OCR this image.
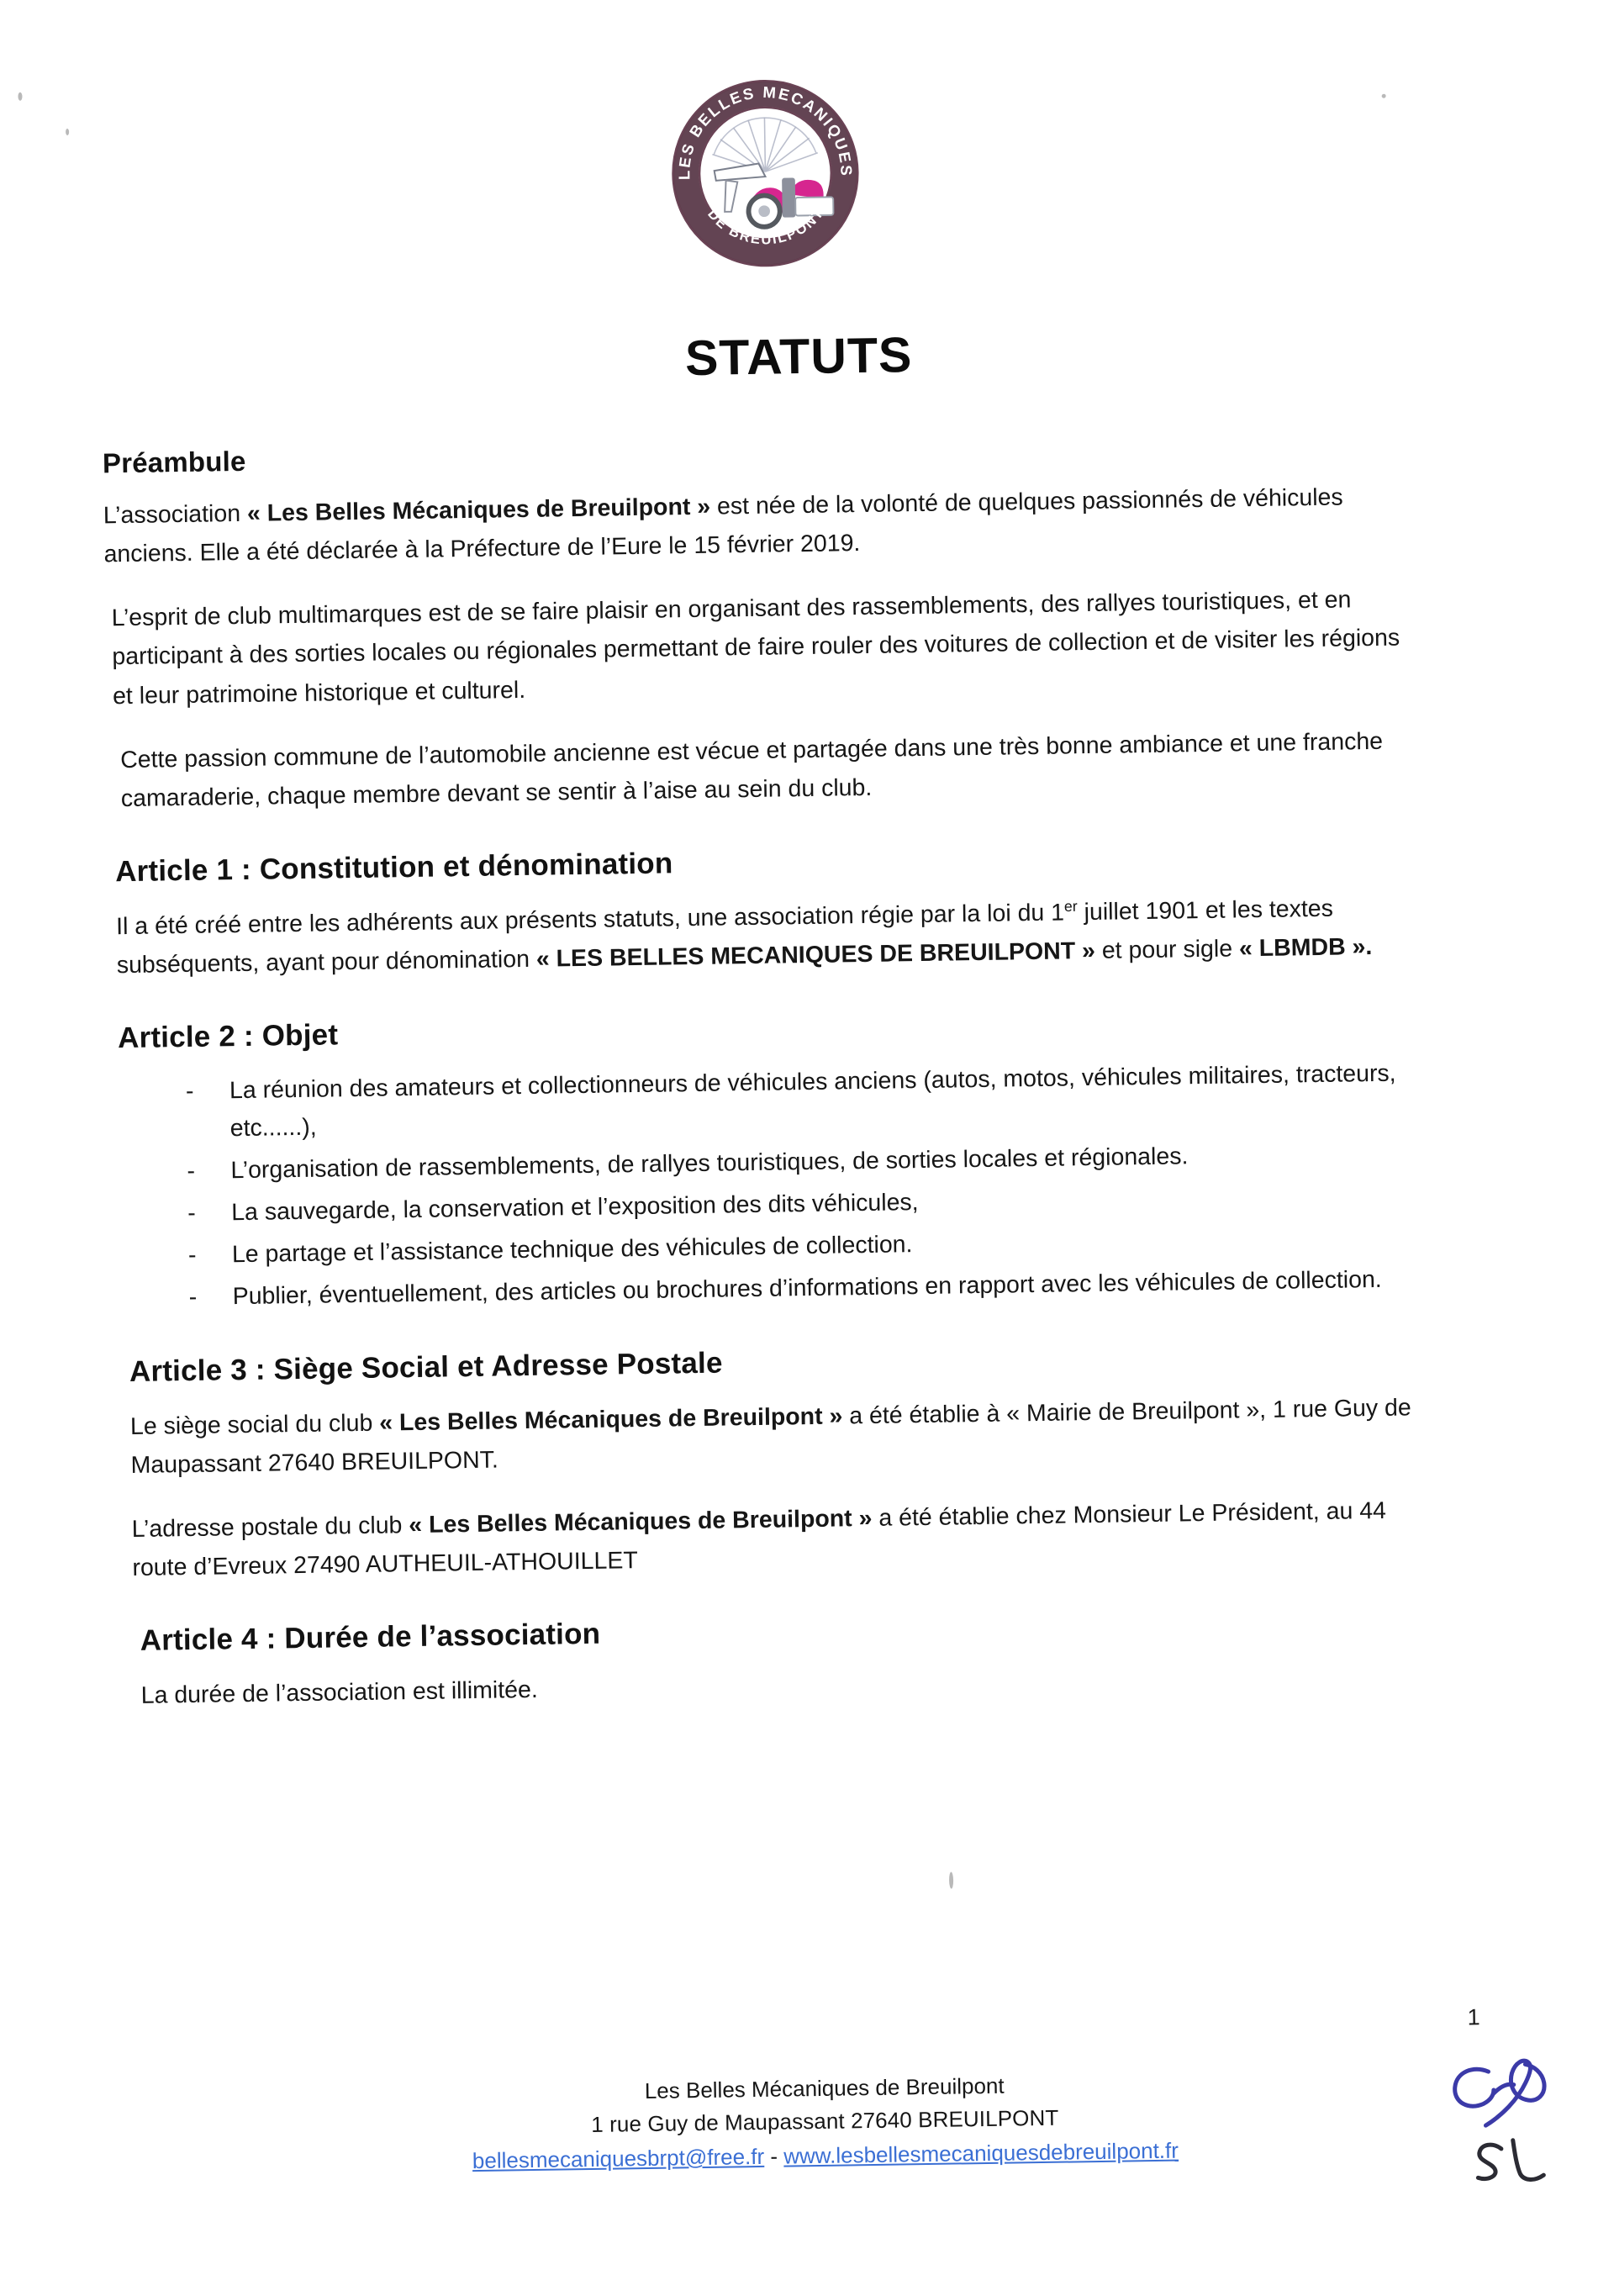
LES BELLES MECANIQUES
DE BREUILPONT
STATUTS
Préambule

L’association « Les Belles Mécaniques de Breuilpont » est née de la volonté de quelques passionnés de véhicules anciens. Elle a été déclarée à la Préfecture de l’Eure le 15 février 2019.

L’esprit de club multimarques est de se faire plaisir en organisant des rassemblements, des rallyes touristiques, et en participant à des sorties locales ou régionales permettant de faire rouler des voitures de collection et de visiter les régions et leur patrimoine historique et culturel.

Cette passion commune de l’automobile ancienne est vécue et partagée dans une très bonne ambiance et une franche camaraderie, chaque membre devant se sentir à l’aise au sein du club.

Article 1 : Constitution et dénomination

Il a été créé entre les adhérents aux présents statuts, une association régie par la loi du 1er juillet 1901 et les textes subséquents, ayant pour dénomination « LES BELLES MECANIQUES DE BREUILPONT » et pour sigle « LBMDB ».

Article 2 : Objet
- La réunion des amateurs et collectionneurs de véhicules anciens (autos, motos, véhicules militaires, tracteurs, etc......),
- L’organisation de rassemblements, de rallyes touristiques, de sorties locales et régionales.
- La sauvegarde, la conservation et l’exposition des dits véhicules,
- Le partage et l’assistance technique des véhicules de collection.
- Publier, éventuellement, des articles ou brochures d’informations en rapport avec les véhicules de collection.
Article 3 : Siège Social et Adresse Postale

Le siège social du club « Les Belles Mécaniques de Breuilpont » a été établie à « Mairie de Breuilpont », 1 rue Guy de Maupassant 27640 BREUILPONT.

L’adresse postale du club « Les Belles Mécaniques de Breuilpont » a été établie chez Monsieur Le Président, au 44 route d’Evreux 27490 AUTHEUIL-ATHOUILLET

Article 4 : Durée de l’association

La durée de l’association est illimitée.

Les Belles Mécaniques de Breuilpont
1 rue Guy de Maupassant 27640 BREUILPONT
bellesmecaniquesbrpt@free.fr - www.lesbellesmecaniquesdebreuilpont.fr
1
